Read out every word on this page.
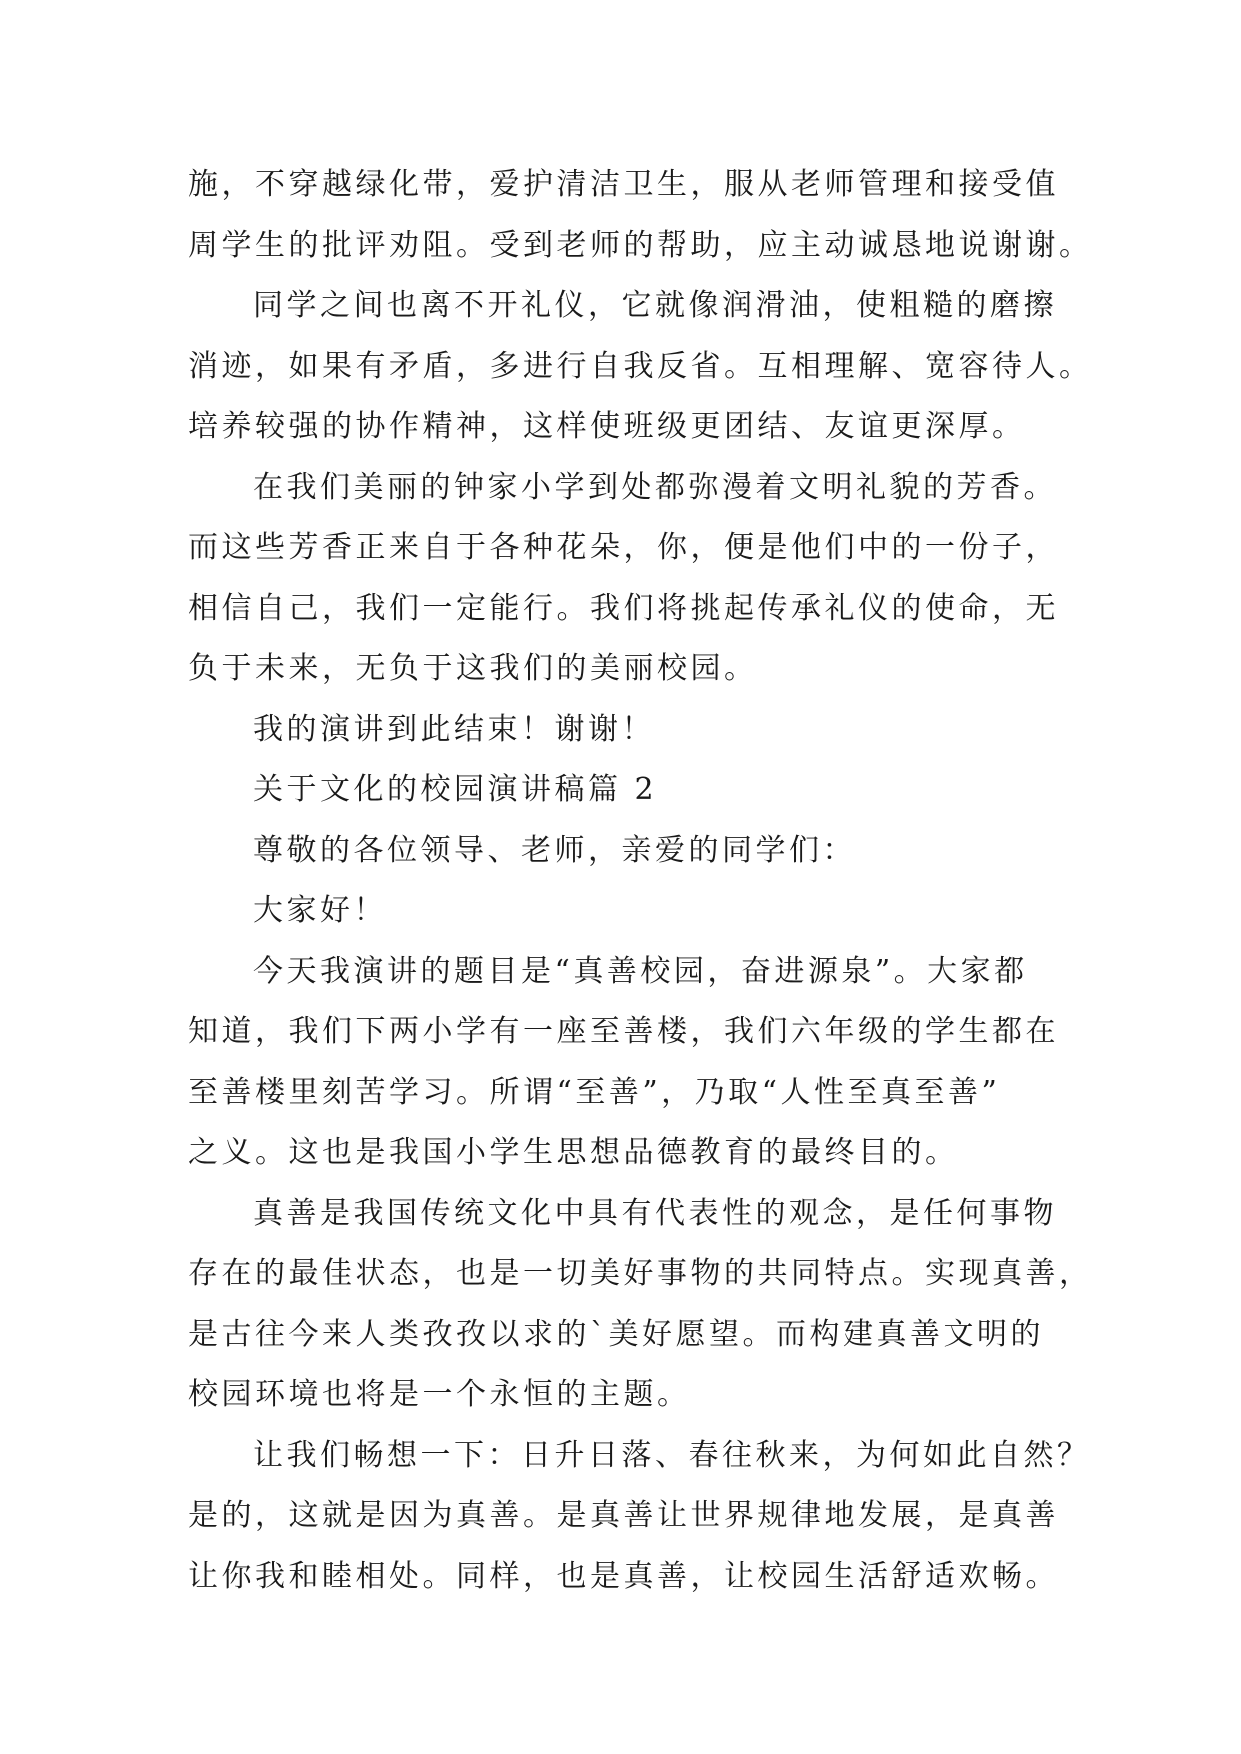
施，不穿越绿化带，爱护清洁卫生，服从老师管理和接受值
周学生的批评劝阻。受到老师的帮助，应主动诚恳地说谢谢。
同学之间也离不开礼仪，它就像润滑油，使粗糙的磨擦
消迹，如果有矛盾，多进行自我反省。互相理解、宽容待人。
培养较强的协作精神，这样使班级更团结、友谊更深厚。
在我们美丽的钟家小学到处都弥漫着文明礼貌的芳香。
而这些芳香正来自于各种花朵，你，便是他们中的一份子，
相信自己，我们一定能行。我们将挑起传承礼仪的使命，无
负于未来，无负于这我们的美丽校园。
我的演讲到此结束！谢谢！
关于文化的校园演讲稿篇 2
尊敬的各位领导、老师，亲爱的同学们：
大家好！
今天我演讲的题目是“真善校园，奋进源泉”。大家都
知道，我们下两小学有一座至善楼，我们六年级的学生都在
至善楼里刻苦学习。所谓“至善”，乃取“人性至真至善”
之义。这也是我国小学生思想品德教育的最终目的。
真善是我国传统文化中具有代表性的观念，是任何事物
存在的最佳状态，也是一切美好事物的共同特点。实现真善，
是古往今来人类孜孜以求的`美好愿望。而构建真善文明的
校园环境也将是一个永恒的主题。
让我们畅想一下：日升日落、春往秋来，为何如此自然？
是的，这就是因为真善。是真善让世界规律地发展，是真善
让你我和睦相处。同样，也是真善，让校园生活舒适欢畅。
